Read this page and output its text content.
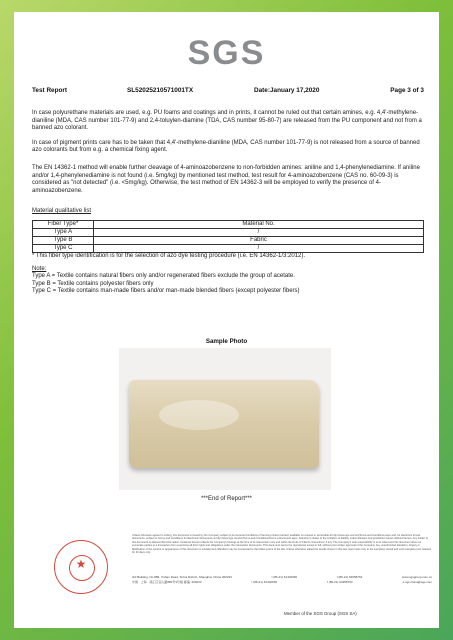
SGS
Test Report	SL52025210571001TX	Date:January 17,2020	Page 3 of 3

In case polyurethane materials are used, e.g. PU foams and coatings and in prints, it cannot be ruled out that certain amines, e.g. 4,4'-methylene-dianiline (MDA, CAS number 101-77-9) and 2,4-toluylen-diamine (TDA, CAS number 95-80-7) are released from the PU component and not from a banned azo colorant.

In case of pigment prints care has to be taken that 4,4'-methylene-dianiline (MDA, CAS number 101-77-9) is not released from a source of banned azo colorants but from e.g. a chemical fixing agent.

The EN 14362-1 method will enable further cleavage of 4-aminoazobenzene to non-forbidden amines: aniline and 1,4-phenylenediamine. If aniline and/or 1,4-phenylenediamine is not found (i.e. 5mg/kg) by mentioned test method, test result for 4-aminoazobenzene (CAS no. 60-09-3) is considered as "not detected" (i.e. <5mg/kg). Otherwise, the test method of EN 14362-3 will be employed to verify the presence of 4-aminoazobenzene.

Material qualitative list
Fiber Type*	Material No.
Type A	/
Type B	Fabric
Type C	/
* This fiber type identification is for the selection of azo dye testing procedure (i.e. EN 14362-1/3:2012).
Note:
Type A = Textile contains natural fibers only and/or regenerated fibers exclude the group of acetate.
Type B = Textile contains polyester fibers only
Type C = Textile contains man-made fibers and/or man-made blended fibers (except polyester fibers)
Sample Photo
***End of Report***
★
Unless otherwise agreed in writing, this document is issued by the Company subject to its General Conditions of Service printed overleaf, available on request or accessible at http://www.sgs.com/en/Terms-and-Conditions.aspx and, for electronic format documents, subject to Terms and Conditions for Electronic Documents at http://www.sgs.com/en/Terms-and-Conditions/Terms-e-Document.aspx. Attention is drawn to the limitation of liability, indemnification and jurisdiction issues defined therein. Any holder of this document is advised that information contained hereon reflects the Company's findings at the time of its intervention only and within the limits of Client's instructions, if any. The Company's sole responsibility is to its Client and this document does not exonerate parties to a transaction from exercising all their rights and obligations under the transaction documents. This document cannot be reproduced except in full, without prior written approval of the Company. Any unauthorized alteration, forgery or falsification of the content or appearance of this document is unlawful and offenders may be prosecuted to the fullest extent of the law. Unless otherwise stated the results shown in this test report refer only to the sample(s) tested and such sample(s) are retained for 30 days only.
3rd Building, No.889, Yishan Road, Xuhui District, Shanghai, China 200233	t (86-21) 61402666	f (86-21) 64958763	www.sgsgroup.com.cn
中国 · 上海 · 徐汇区宜山路889号3号楼 邮编: 200233	t (86-21) 61402666	f (86-21) 64958763	e sgs.china@sgs.com
Member of the SGS Group (SGS SA)
